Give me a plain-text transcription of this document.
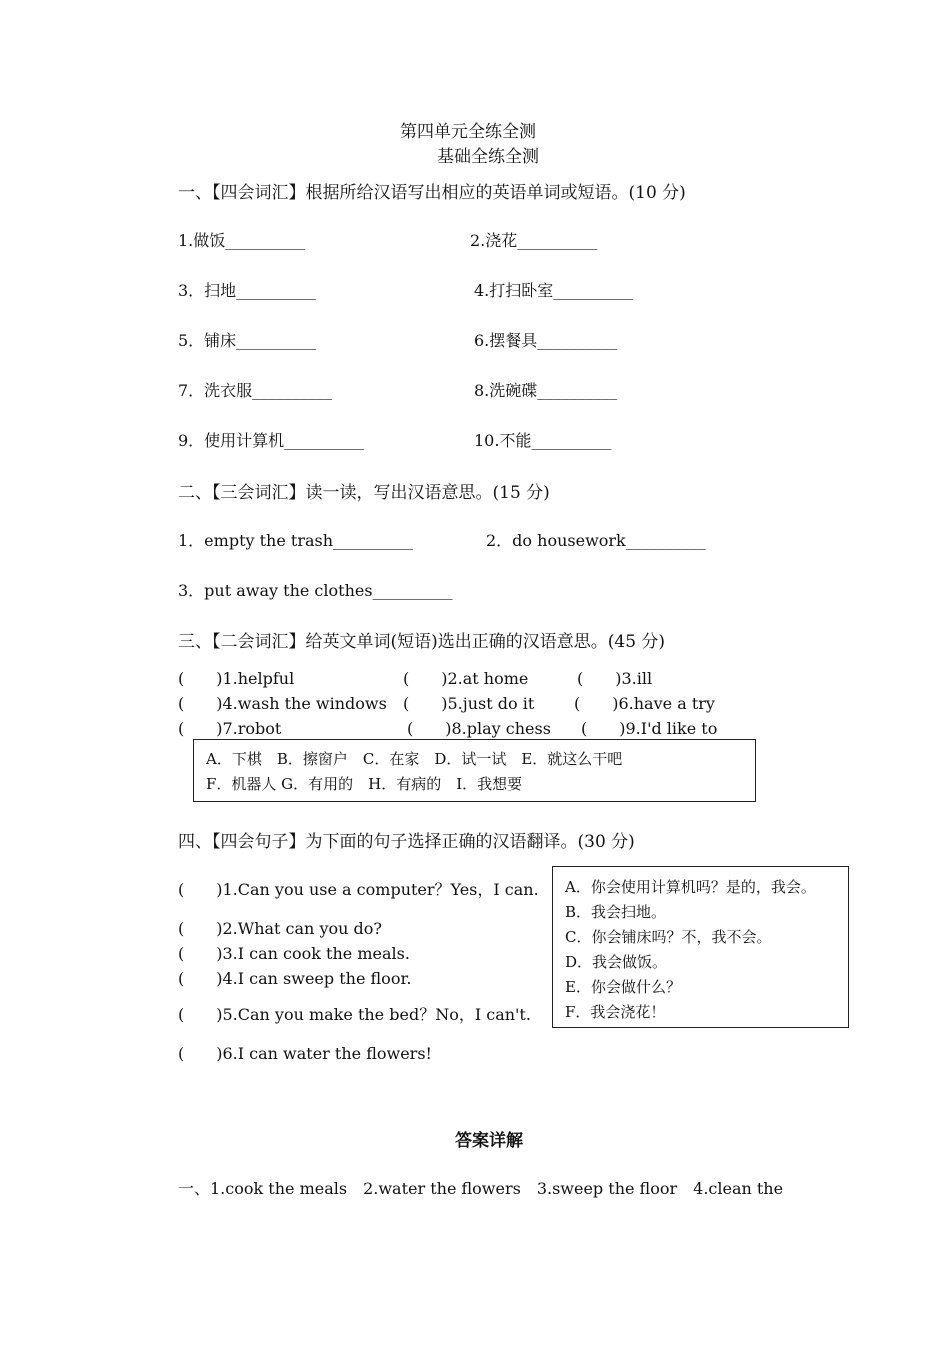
第四单元全练全测
基础全练全测
一、【四会词汇】根据所给汉语写出相应的英语单词或短语。(10 分)
1.做饭__________	2.浇花__________
3．扫地__________	4.打扫卧室__________
5．铺床__________	6.摆餐具__________
7．洗衣服__________	8.洗碗碟__________
9．使用计算机__________	10.不能__________
二、【三会词汇】读一读，写出汉语意思。(15 分)
1．empty the trash__________	2．do housework__________
3．put away the clothes__________
三、【二会词汇】给英文单词(短语)选出正确的汉语意思。(45 分)
(　　)1.helpful	(　　)2.at home	(　　)3.ill
(　　)4.wash the windows (　　)5.just do it (　　)6.have a try
(　　)7.robot	(　　)8.play chess (　　)9.I'd like to
A．下棋　B．擦窗户　C．在家　D．试一试　E．就这么干吧
F．机器人 G．有用的　H．有病的　I．我想要
四、【四会句子】为下面的句子选择正确的汉语翻译。(30 分)
(　　)1.Can you use a computer？Yes，I can.
(　　)2.What can you do?
(　　)3.I can cook the meals.
(　　)4.I can sweep the floor.
(　　)5.Can you make the bed？No，I can't.
(　　)6.I can water the flowers!
A．你会使用计算机吗？是的，我会。
B．我会扫地。
C．你会铺床吗？不，我不会。
D．我会做饭。
E．你会做什么？
F．我会浇花！
答案详解
一、1.cook the meals　2.water the flowers　3.sweep the floor　4.clean the
